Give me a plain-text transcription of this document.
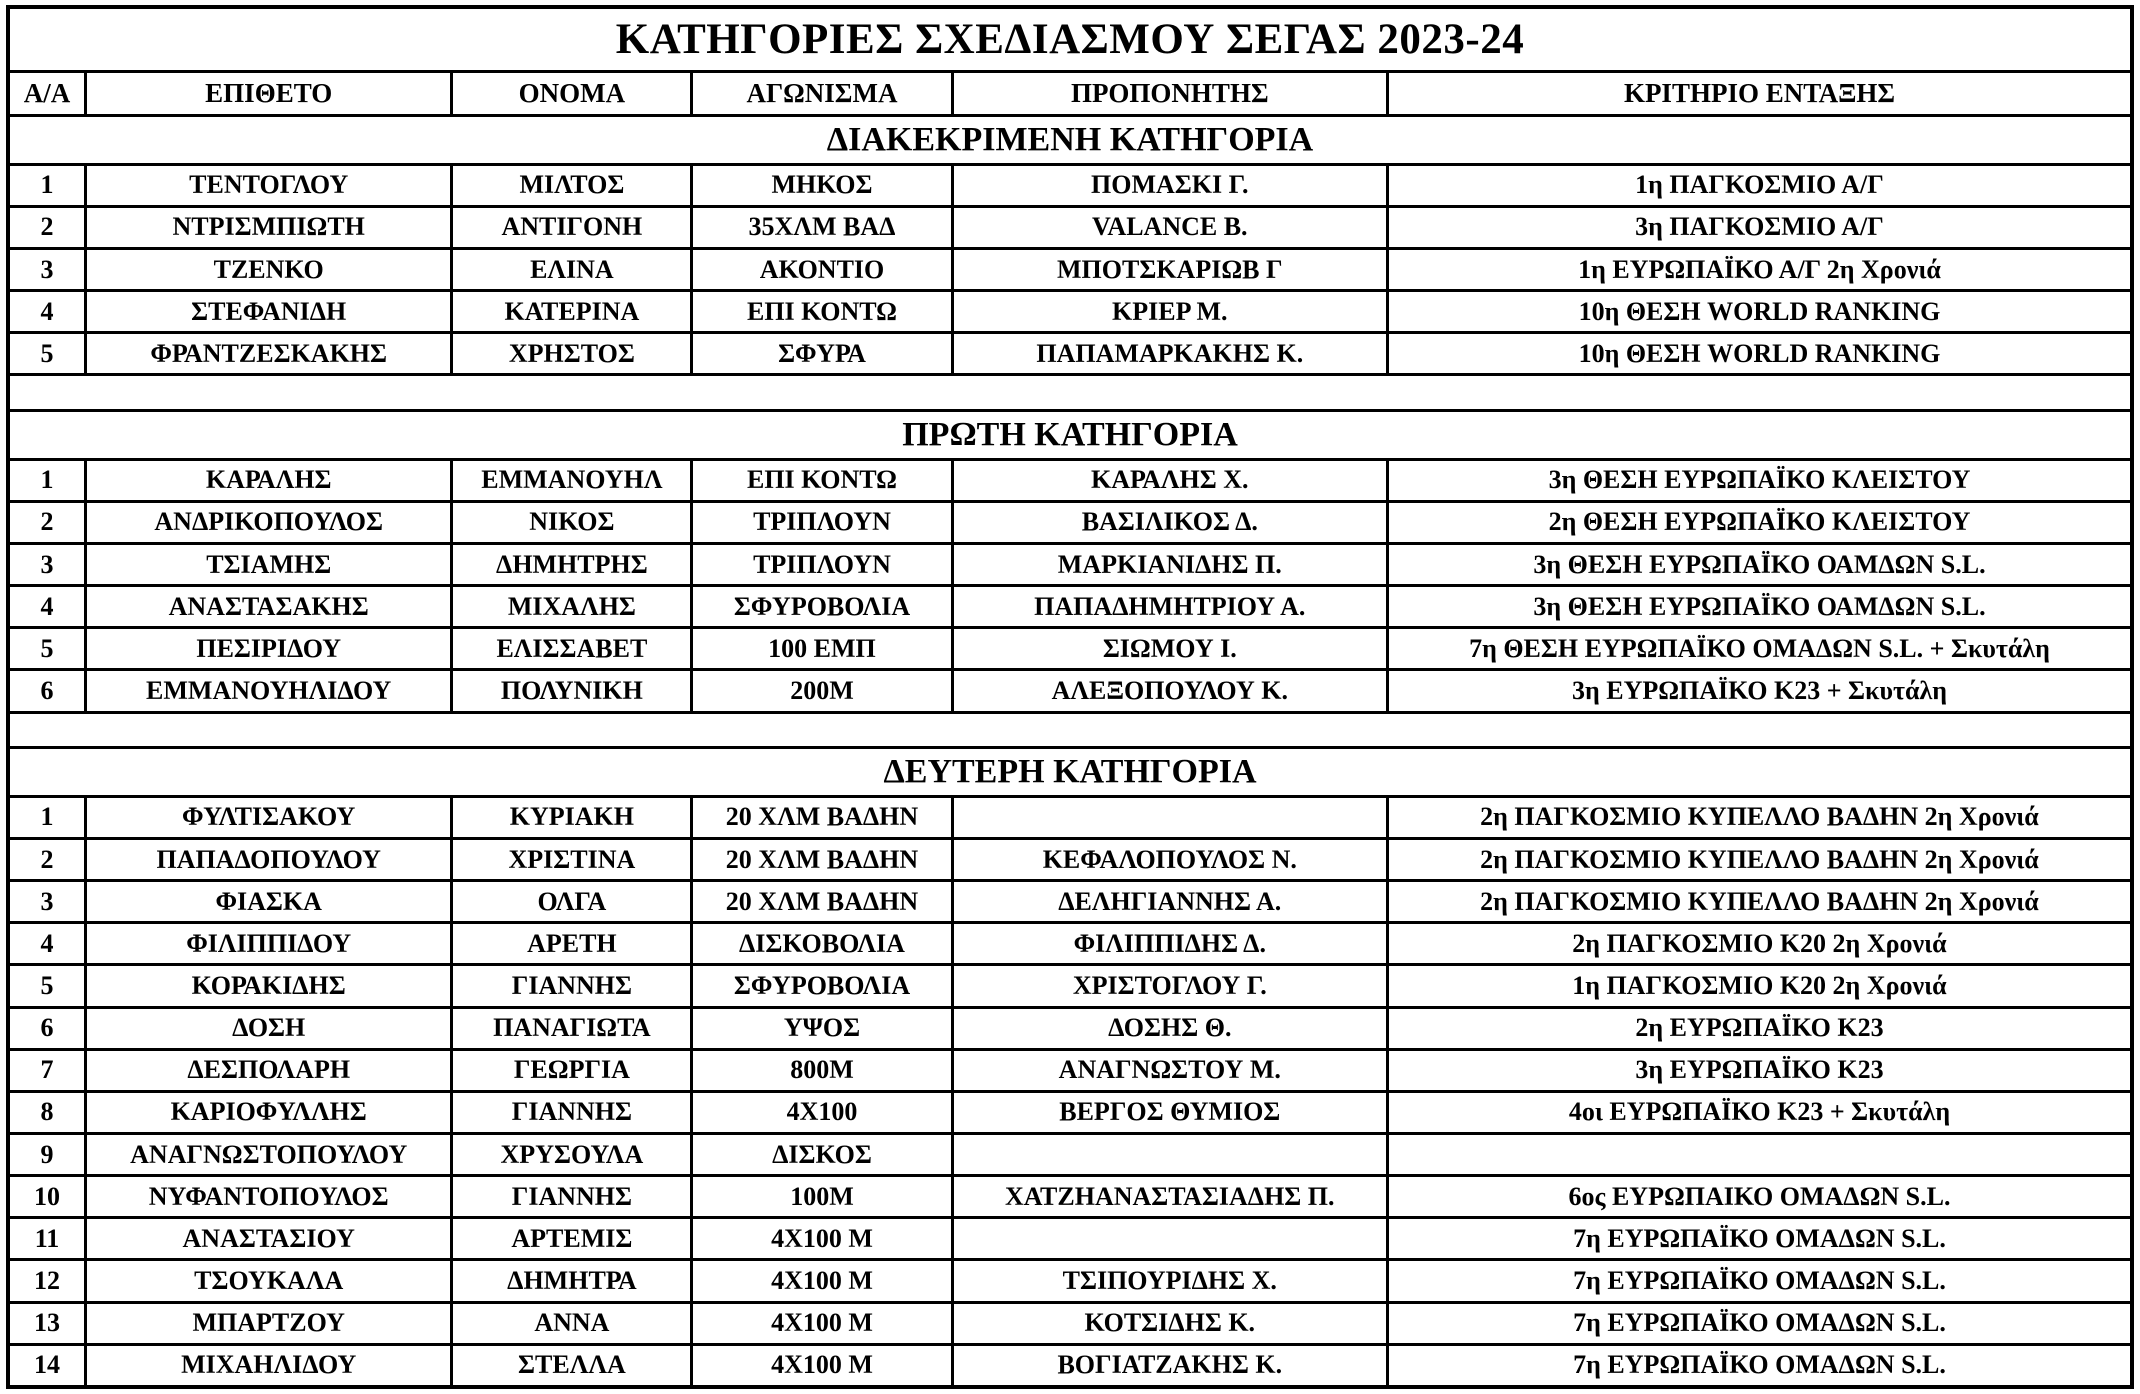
ΚΑΤΗΓΟΡΙΕΣ ΣΧΕΔΙΑΣΜΟΥ ΣΕΓΑΣ 2023-24					
Α/Α	ΕΠΙΘΕΤΟ	ΟΝΟΜΑ	ΑΓΩΝΙΣΜΑ	ΠΡΟΠΟΝΗΤΗΣ	ΚΡΙΤΗΡΙΟ ΕΝΤΑΞΗΣ
ΔΙΑΚΕΚΡΙΜΕΝΗ ΚΑΤΗΓΟΡΙΑ					
1	ΤΕΝΤΟΓΛΟΥ	ΜΙΛΤΟΣ	ΜΗΚΟΣ	ΠΟΜΑΣΚΙ Γ.	1η ΠΑΓΚΟΣΜΙΟ Α/Γ
2	ΝΤΡΙΣΜΠΙΩΤΗ	ΑΝΤΙΓΟΝΗ	35ΧΛΜ ΒΑΔ	VALANCE B.	3η ΠΑΓΚΟΣΜΙΟ Α/Γ
3	ΤΖΕΝΚΟ	ΕΛΙΝΑ	ΑΚΟΝΤΙΟ	ΜΠΟΤΣΚΑΡΙΩΒ Γ	1η ΕΥΡΩΠΑΪΚΟ Α/Γ 2η Χρονιά
4	ΣΤΕΦΑΝΙΔΗ	ΚΑΤΕΡΙΝΑ	ΕΠΙ ΚΟΝΤΩ	ΚΡΙΕΡ Μ.	10η ΘΕΣΗ WORLD RANKING
5	ΦΡΑΝΤΖΕΣΚΑΚΗΣ	ΧΡΗΣΤΟΣ	ΣΦΥΡΑ	ΠΑΠΑΜΑΡΚΑΚΗΣ Κ.	10η ΘΕΣΗ WORLD RANKING

ΠΡΩΤΗ ΚΑΤΗΓΟΡΙΑ					
1	ΚΑΡΑΛΗΣ	ΕΜΜΑΝΟΥΗΛ	ΕΠΙ ΚΟΝΤΩ	ΚΑΡΑΛΗΣ Χ.	3η ΘΕΣΗ ΕΥΡΩΠΑΪΚΟ ΚΛΕΙΣΤΟΥ
2	ΑΝΔΡΙΚΟΠΟΥΛΟΣ	ΝΙΚΟΣ	ΤΡΙΠΛΟΥΝ	ΒΑΣΙΛΙΚΟΣ Δ.	2η ΘΕΣΗ ΕΥΡΩΠΑΪΚΟ ΚΛΕΙΣΤΟΥ
3	ΤΣΙΑΜΗΣ	ΔΗΜΗΤΡΗΣ	ΤΡΙΠΛΟΥΝ	ΜΑΡΚΙΑΝΙΔΗΣ Π.	3η ΘΕΣΗ ΕΥΡΩΠΑΪΚΟ ΟΑΜΔΩΝ S.L.
4	ΑΝΑΣΤΑΣΑΚΗΣ	ΜΙΧΑΛΗΣ	ΣΦΥΡΟΒΟΛΙΑ	ΠΑΠΑΔΗΜΗΤΡΙΟΥ Α.	3η ΘΕΣΗ ΕΥΡΩΠΑΪΚΟ ΟΑΜΔΩΝ S.L.
5	ΠΕΣΙΡΙΔΟΥ	ΕΛΙΣΣΑΒΕΤ	100 ΕΜΠ	ΣΙΩΜΟΥ Ι.	7η ΘΕΣΗ ΕΥΡΩΠΑΪΚΟ ΟΜΑΔΩΝ S.L. + Σκυτάλη
6	ΕΜΜΑΝΟΥΗΛΙΔΟΥ	ΠΟΛΥΝΙΚΗ	200Μ	ΑΛΕΞΟΠΟΥΛΟΥ Κ.	3η ΕΥΡΩΠΑΪΚΟ Κ23 + Σκυτάλη

ΔΕΥΤΕΡΗ ΚΑΤΗΓΟΡΙΑ					
1	ΦΥΛΤΙΣΑΚΟΥ	ΚΥΡΙΑΚΗ	20 ΧΛΜ ΒΑΔΗΝ		2η ΠΑΓΚΟΣΜΙΟ ΚΥΠΕΛΛΟ ΒΑΔΗΝ 2η Χρονιά
2	ΠΑΠΑΔΟΠΟΥΛΟΥ	ΧΡΙΣΤΙΝΑ	20 ΧΛΜ ΒΑΔΗΝ	ΚΕΦΑΛΟΠΟΥΛΟΣ Ν.	2η ΠΑΓΚΟΣΜΙΟ ΚΥΠΕΛΛΟ ΒΑΔΗΝ 2η Χρονιά
3	ΦΙΑΣΚΑ	ΟΛΓΑ	20 ΧΛΜ ΒΑΔΗΝ	ΔΕΛΗΓΙΑΝΝΗΣ Α.	2η ΠΑΓΚΟΣΜΙΟ ΚΥΠΕΛΛΟ ΒΑΔΗΝ 2η Χρονιά
4	ΦΙΛΙΠΠΙΔΟΥ	ΑΡΕΤΗ	ΔΙΣΚΟΒΟΛΙΑ	ΦΙΛΙΠΠΙΔΗΣ Δ.	2η ΠΑΓΚΟΣΜΙΟ Κ20 2η Χρονιά
5	ΚΟΡΑΚΙΔΗΣ	ΓΙΑΝΝΗΣ	ΣΦΥΡΟΒΟΛΙΑ	ΧΡΙΣΤΟΓΛΟΥ Γ.	1η ΠΑΓΚΟΣΜΙΟ Κ20 2η Χρονιά
6	ΔΟΣΗ	ΠΑΝΑΓΙΩΤΑ	ΥΨΟΣ	ΔΟΣΗΣ Θ.	2η ΕΥΡΩΠΑΪΚΟ Κ23
7	ΔΕΣΠΟΛΑΡΗ	ΓΕΩΡΓΙΑ	800Μ	ΑΝΑΓΝΩΣΤΟΥ Μ.	3η ΕΥΡΩΠΑΪΚΟ Κ23
8	ΚΑΡΙΟΦΥΛΛΗΣ	ΓΙΑΝΝΗΣ	4Χ100	ΒΕΡΓΟΣ ΘΥΜΙΟΣ	4οι ΕΥΡΩΠΑΪΚΟ Κ23 + Σκυτάλη
9	ΑΝΑΓΝΩΣΤΟΠΟΥΛΟΥ	ΧΡΥΣΟΥΛΑ	ΔΙΣΚΟΣ		
10	ΝΥΦΑΝΤΟΠΟΥΛΟΣ	ΓΙΑΝΝΗΣ	100Μ	ΧΑΤΖΗΑΝΑΣΤΑΣΙΑΔΗΣ Π.	6ος ΕΥΡΩΠΑΙΚΟ ΟΜΑΔΩΝ S.L.
11	ΑΝΑΣΤΑΣΙΟΥ	ΑΡΤΕΜΙΣ	4Χ100 Μ		7η ΕΥΡΩΠΑΪΚΟ ΟΜΑΔΩΝ S.L.
12	ΤΣΟΥΚΑΛΑ	ΔΗΜΗΤΡΑ	4Χ100 Μ	ΤΣΙΠΟΥΡΙΔΗΣ Χ.	7η ΕΥΡΩΠΑΪΚΟ ΟΜΑΔΩΝ S.L.
13	ΜΠΑΡΤΖΟΥ	ΑΝΝΑ	4Χ100 Μ	ΚΟΤΣΙΔΗΣ Κ.	7η ΕΥΡΩΠΑΪΚΟ ΟΜΑΔΩΝ S.L.
14	ΜΙΧΑΗΛΙΔΟΥ	ΣΤΕΛΛΑ	4Χ100 Μ	ΒΟΓΙΑΤΖΑΚΗΣ Κ.	7η ΕΥΡΩΠΑΪΚΟ ΟΜΑΔΩΝ S.L.
